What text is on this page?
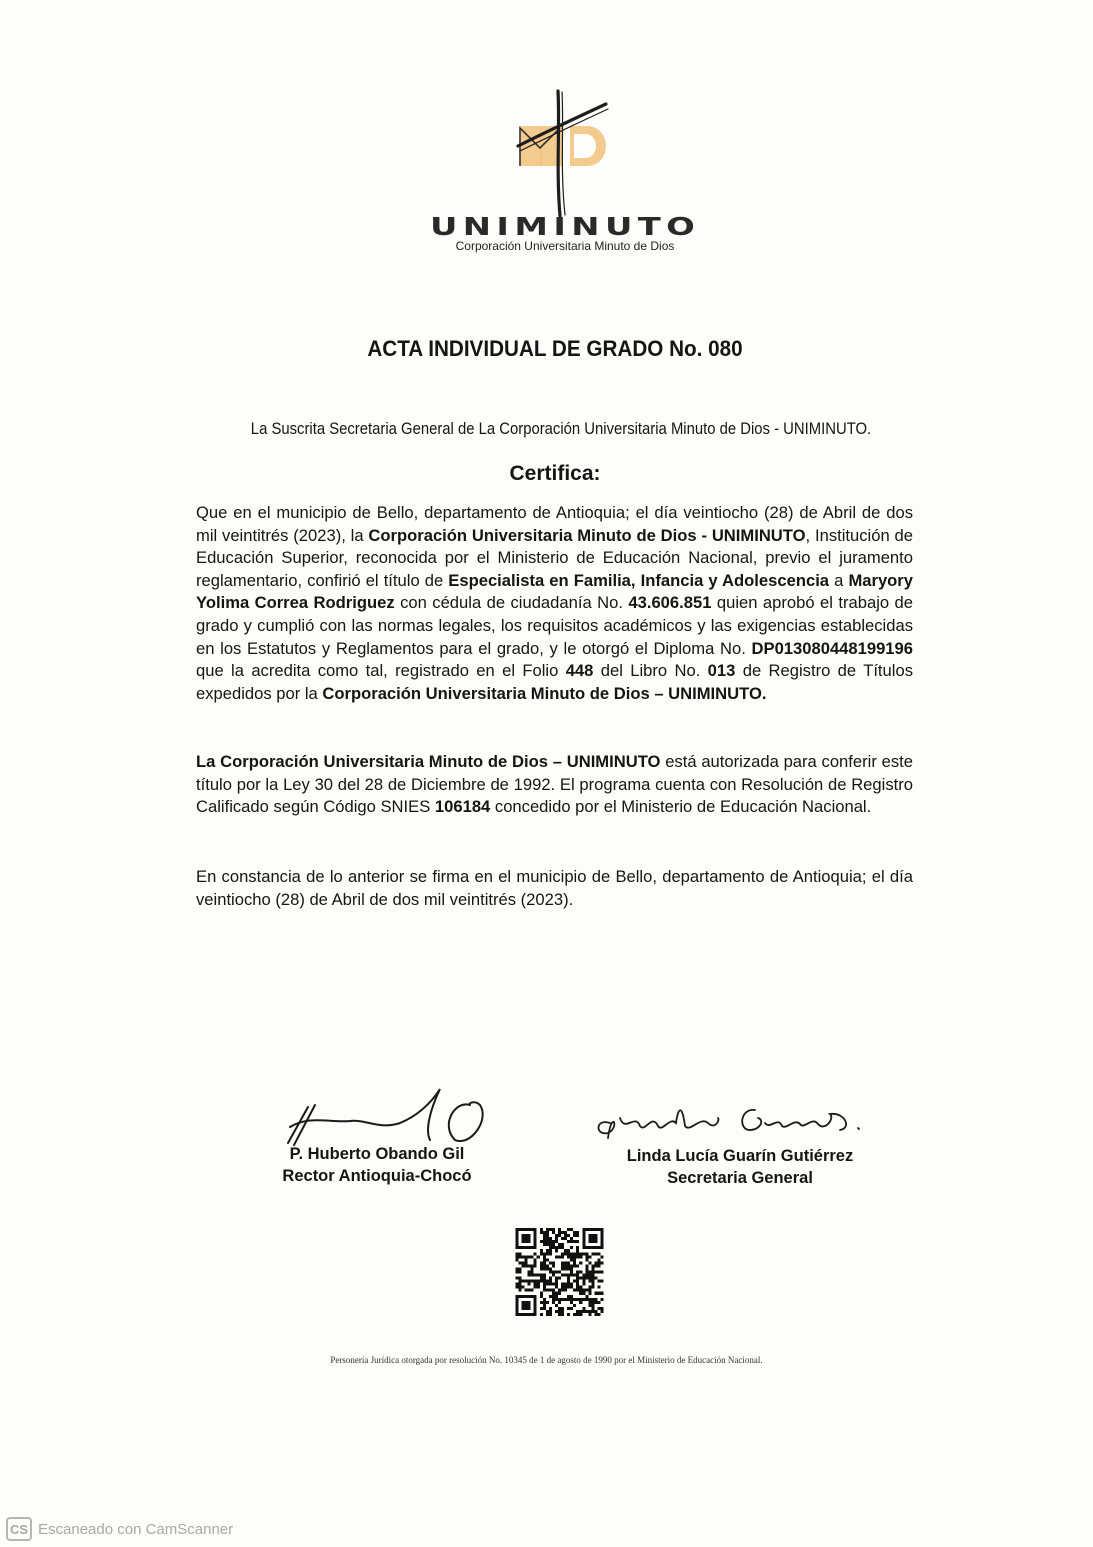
UNIMINUTO
Corporación Universitaria Minuto de Dios
ACTA INDIVIDUAL DE GRADO No. 080
La Suscrita Secretaria General de La Corporación Universitaria Minuto de Dios - UNIMINUTO.
Certifica:
Que en el municipio de Bello, departamento de Antioquia; el día veintiocho (28) de Abril de dos mil veintitrés (2023), la Corporación Universitaria Minuto de Dios - UNIMINUTO, Institución de Educación Superior, reconocida por el Ministerio de Educación Nacional, previo el juramento reglamentario, confirió el título de Especialista en Familia, Infancia y Adolescencia a Maryory Yolima Correa Rodriguez con cédula de ciudadanía No. 43.606.851 quien aprobó el trabajo de grado y cumplió con las normas legales, los requisitos académicos y las exigencias establecidas en los Estatutos y Reglamentos para el grado, y le otorgó el Diploma No. DP013080448199196 que la acredita como tal, registrado en el Folio 448 del Libro No. 013 de Registro de Títulos expedidos por la Corporación Universitaria Minuto de Dios – UNIMINUTO.
La Corporación Universitaria Minuto de Dios – UNIMINUTO está autorizada para conferir este título por la Ley 30 del 28 de Diciembre de 1992. El programa cuenta con Resolución de Registro Calificado según Código SNIES 106184 concedido por el Ministerio de Educación Nacional.
En constancia de lo anterior se firma en el municipio de Bello, departamento de Antioquia; el día veintiocho (28) de Abril de dos mil veintitrés (2023).
P. Huberto Obando Gil
Rector Antioquia-Chocó
Linda Lucía Guarín Gutiérrez
Secretaria General
Personería Jurídica otorgada por resolución No. 10345 de 1 de agosto de 1990 por el Ministerio de Educación Nacional.
CS Escaneado con CamScanner
